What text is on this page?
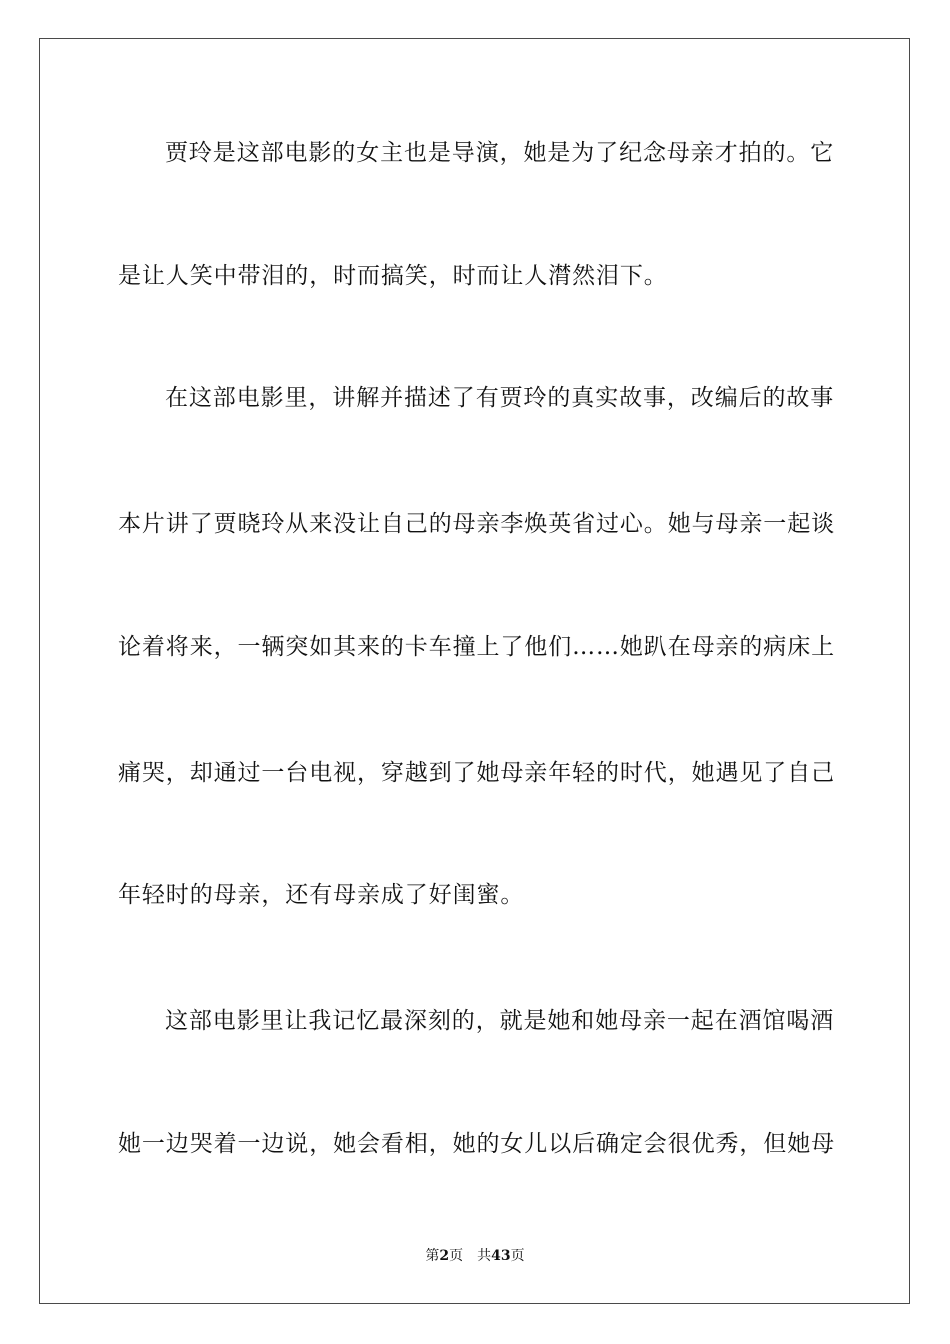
贾玲是这部电影的女主也是导演，她是为了纪念母亲才拍的。它
是让人笑中带泪的，时而搞笑，时而让人潸然泪下。
在这部电影里，讲解并描述了有贾玲的真实故事，改编后的故事
本片讲了贾晓玲从来没让自己的母亲李焕英省过心。她与母亲一起谈
论着将来，一辆突如其来的卡车撞上了他们……她趴在母亲的病床上
痛哭，却通过一台电视，穿越到了她母亲年轻的时代，她遇见了自己
年轻时的母亲，还有母亲成了好闺蜜。
这部电影里让我记忆最深刻的，就是她和她母亲一起在酒馆喝酒
她一边哭着一边说，她会看相，她的女儿以后确定会很优秀，但她母
第2页 共43页
